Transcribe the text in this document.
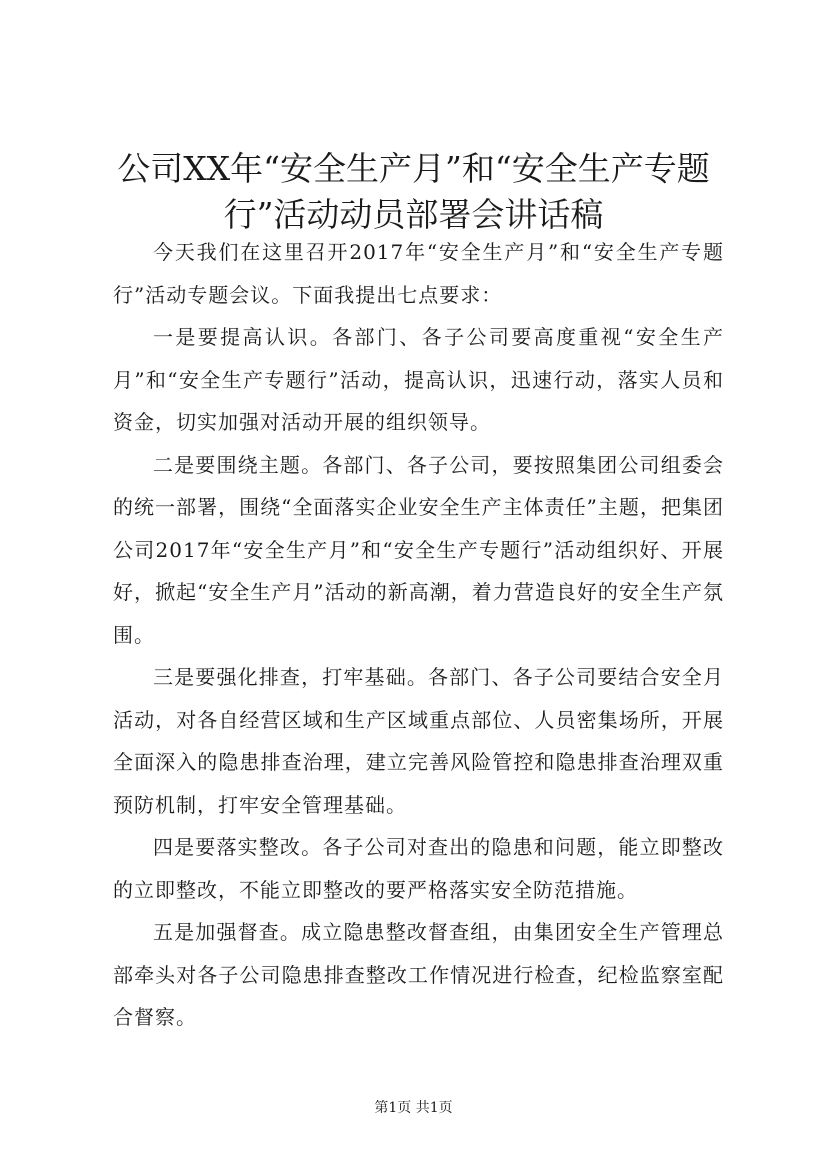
公司XX年“安全生产月”和“安全生产专题行”活动动员部署会讲话稿

今天我们在这里召开2017年“安全生产月”和“安全生产专题行”活动专题会议。下面我提出七点要求：

一是要提高认识。各部门、各子公司要高度重视“安全生产月”和“安全生产专题行”活动，提高认识，迅速行动，落实人员和资金，切实加强对活动开展的组织领导。

二是要围绕主题。各部门、各子公司，要按照集团公司组委会的统一部署，围绕“全面落实企业安全生产主体责任”主题，把集团公司2017年“安全生产月”和“安全生产专题行”活动组织好、开展好，掀起“安全生产月”活动的新高潮，着力营造良好的安全生产氛围。

三是要强化排查，打牢基础。各部门、各子公司要结合安全月活动，对各自经营区域和生产区域重点部位、人员密集场所，开展全面深入的隐患排查治理，建立完善风险管控和隐患排查治理双重预防机制，打牢安全管理基础。

四是要落实整改。各子公司对查出的隐患和问题，能立即整改的立即整改，不能立即整改的要严格落实安全防范措施。

五是加强督查。成立隐患整改督查组，由集团安全生产管理总部牵头对各子公司隐患排查整改工作情况进行检查，纪检监察室配合督察。

第1页 共1页
